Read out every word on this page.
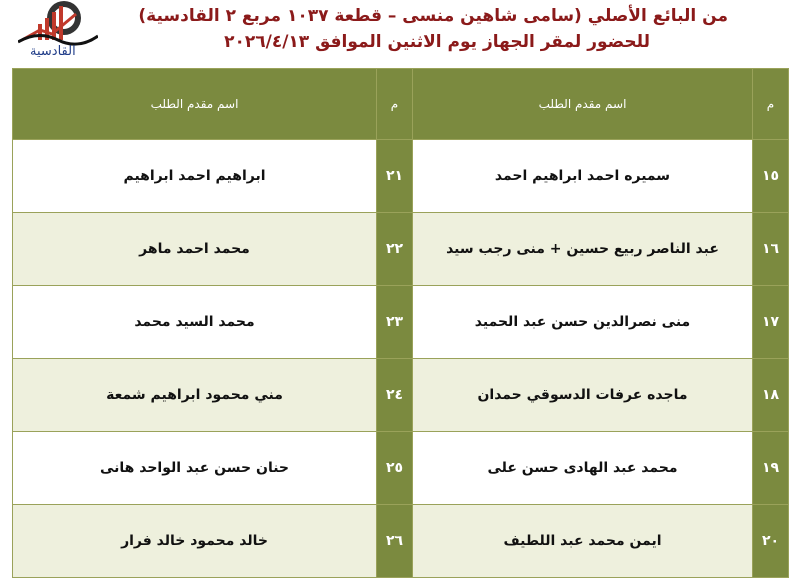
القادسية
من البائع الأصلي (سامى شاهين منسى – قطعة ١٠٣٧ مربع ٢ القادسية)
للحضور لمقر الجهاز يوم الاثنين الموافق ٢٠٢٦/٤/١٣
م	اسم مقدم الطلب	م	اسم مقدم الطلب
١٥	سميره احمد ابراهيم احمد	٢١	ابراهيم احمد ابراهيم
١٦	عبد الناصر ربيع حسين + منى رجب سيد	٢٢	محمد احمد ماهر
١٧	منى نصرالدين حسن عبد الحميد	٢٣	محمد السيد محمد
١٨	ماجده عرفات الدسوقي حمدان	٢٤	مني محمود ابراهيم شمعة
١٩	محمد عبد الهادى حسن على	٢٥	حنان حسن عبد الواحد هانى
٢٠	ايمن محمد عبد اللطيف	٢٦	خالد محمود خالد فرار
